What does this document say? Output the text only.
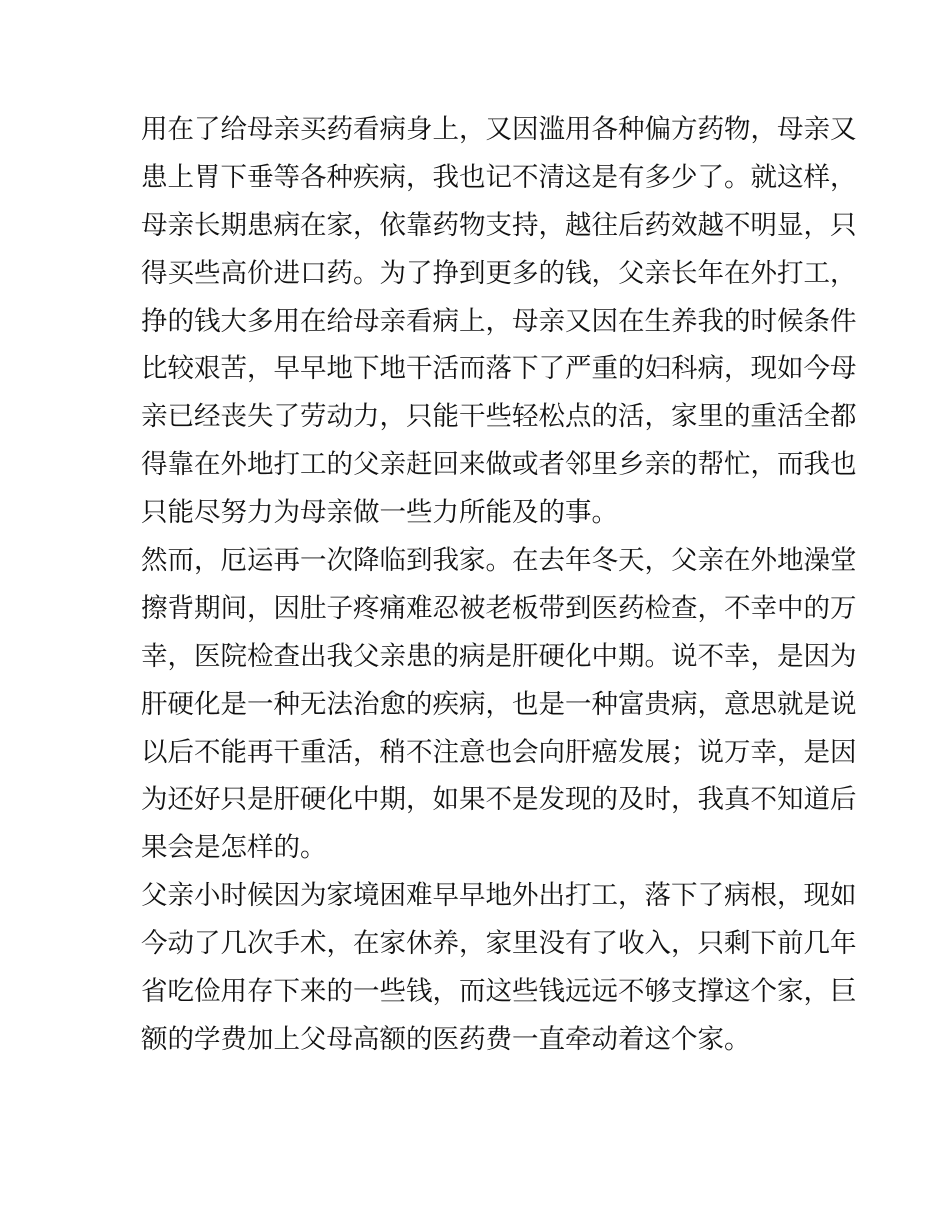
用在了给母亲买药看病身上，又因滥用各种偏方药物，母亲又
患上胃下垂等各种疾病，我也记不清这是有多少了。就这样，
母亲长期患病在家，依靠药物支持，越往后药效越不明显，只
得买些高价进口药。为了挣到更多的钱，父亲长年在外打工，
挣的钱大多用在给母亲看病上，母亲又因在生养我的时候条件
比较艰苦，早早地下地干活而落下了严重的妇科病，现如今母
亲已经丧失了劳动力，只能干些轻松点的活，家里的重活全都
得靠在外地打工的父亲赶回来做或者邻里乡亲的帮忙，而我也
只能尽努力为母亲做一些力所能及的事。
然而，厄运再一次降临到我家。在去年冬天，父亲在外地澡堂
擦背期间，因肚子疼痛难忍被老板带到医药检查，不幸中的万
幸，医院检查出我父亲患的病是肝硬化中期。说不幸，是因为
肝硬化是一种无法治愈的疾病，也是一种富贵病，意思就是说
以后不能再干重活，稍不注意也会向肝癌发展；说万幸，是因
为还好只是肝硬化中期，如果不是发现的及时，我真不知道后
果会是怎样的。
父亲小时候因为家境困难早早地外出打工，落下了病根，现如
今动了几次手术，在家休养，家里没有了收入，只剩下前几年
省吃俭用存下来的一些钱，而这些钱远远不够支撑这个家，巨
额的学费加上父母高额的医药费一直牵动着这个家。
